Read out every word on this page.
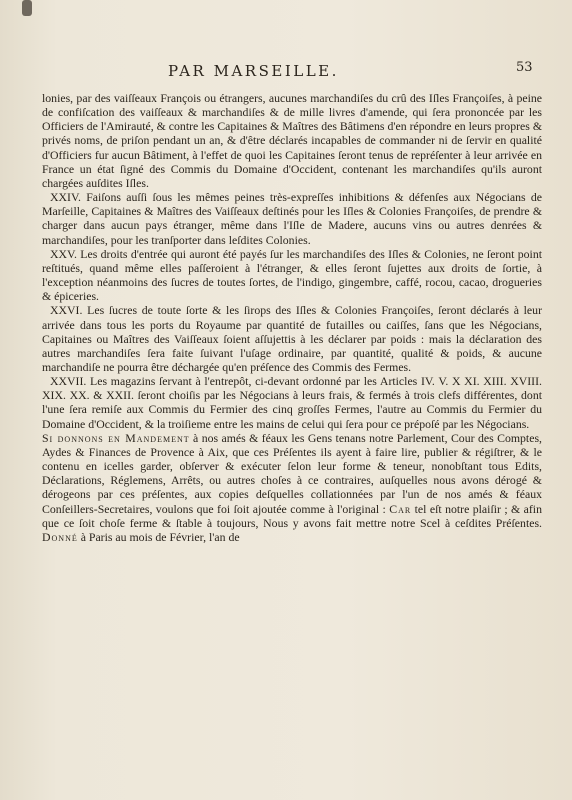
PAR MARSEILLE.	53

lonies, par des vaiſſeaux François ou étrangers, aucunes marchandiſes du crû des Iſles Françoiſes, à peine de confiſcation des vaiſſeaux & marchandiſes & de mille livres d'amende, qui ſera prononcée par les Officiers de l'Amirauté, & contre les Capitaines & Maîtres des Bâtimens d'en répondre en leurs propres & privés noms, de priſon pendant un an, & d'être déclarés incapables de commander ni de ſervir en qualité d'Officiers fur aucun Bâtiment, à l'effet de quoi les Capitaines ſeront tenus de repréſenter à leur arrivée en France un état ſigné des Commis du Domaine d'Occident, contenant les marchandiſes qu'ils auront chargées auſdites Iſles.

XXIV. Faiſons auſſi ſous les mêmes peines très-expreſſes inhibitions & défenſes aux Négocians de Marſeille, Capitaines & Maîtres des Vaiſſeaux deſtinés pour les Iſles & Colonies Françoiſes, de prendre & charger dans aucun pays étranger, même dans l'Iſle de Madere, aucuns vins ou autres denrées & marchandiſes, pour les tranſporter dans leſdites Colonies.

XXV. Les droits d'entrée qui auront été payés ſur les marchandiſes des Iſles & Colonies, ne ſeront point reſtitués, quand même elles paſſeroient à l'étranger, & elles ſeront ſujettes aux droits de ſortie, à l'exception néanmoins des ſucres de toutes ſortes, de l'indigo, gingembre, caffé, rocou, cacao, drogueries & épiceries.

XXVI. Les ſucres de toute ſorte & les ſirops des Iſles & Colonies Françoiſes, ſeront déclarés à leur arrivée dans tous les ports du Royaume par quantité de futailles ou caiſſes, ſans que les Négocians, Capitaines ou Maîtres des Vaiſſeaux ſoient aſſujettis à les déclarer par poids : mais la déclaration des autres marchandiſes ſera faite ſuivant l'uſage ordinaire, par quantité, qualité & poids, & aucune marchandiſe ne pourra être déchargée qu'en préſence des Commis des Fermes.

XXVII. Les magazins ſervant à l'entrepôt, ci-devant ordonné par les Articles IV. V. X XI. XIII. XVIII. XIX. XX. & XXII. ſeront choiſis par les Négocians à leurs frais, & fermés à trois clefs différentes, dont l'une ſera remiſe aux Commis du Fermier des cinq groſſes Fermes, l'autre au Commis du Fermier du Domaine d'Occident, & la troiſieme entre les mains de celui qui ſera pour ce prépoſé par les Négocians.

Si donnons en Mandement à nos amés & féaux les Gens tenans notre Parlement, Cour des Comptes, Aydes & Finances de Provence à Aix, que ces Préſentes ils ayent à faire lire, publier & régiſtrer, & le contenu en icelles garder, obſerver & exécuter ſelon leur forme & teneur, nonobſtant tous Edits, Déclarations, Réglemens, Arrêts, ou autres choſes à ce contraires, auſquelles nous avons dérogé & dérogeons par ces préſentes, aux copies deſquelles collationnées par l'un de nos amés & féaux Conſeillers-Secretaires, voulons que foi ſoit ajoutée comme à l'original : Car tel eſt notre plaiſir ; & afin que ce ſoit choſe ferme & ſtable à toujours, Nous y avons fait mettre notre Scel à ceſdites Préſentes. Donné à Paris au mois de Février, l'an de
